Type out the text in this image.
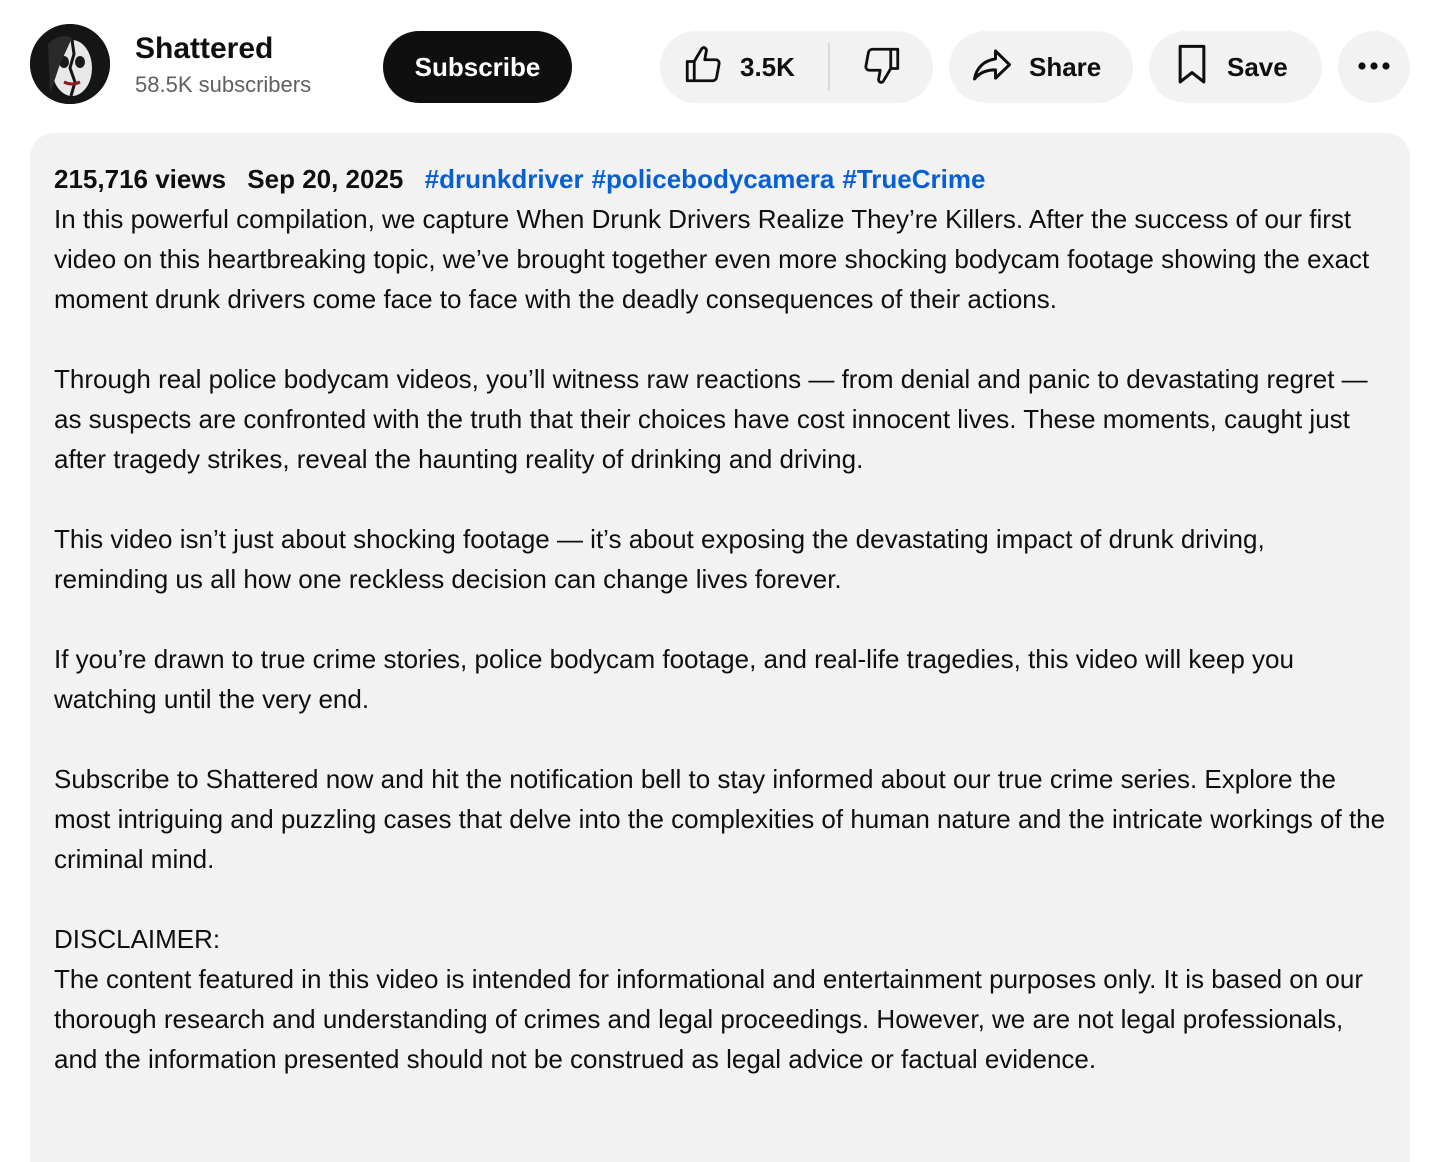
Shattered
58.5K subscribers
Subscribe	3.5K	Share	Save
215,716 views Sep 20, 2025 #drunkdriver #policebodycamera #TrueCrime

In this powerful compilation, we capture When Drunk Drivers Realize They’re Killers. After the success of our first video on this heartbreaking topic, we’ve brought together even more shocking bodycam footage showing the exact moment drunk drivers come face to face with the deadly consequences of their actions.

Through real police bodycam videos, you’ll witness raw reactions — from denial and panic to devastating regret — as suspects are confronted with the truth that their choices have cost innocent lives. These moments, caught just after tragedy strikes, reveal the haunting reality of drinking and driving.

This video isn’t just about shocking footage — it’s about exposing the devastating impact of drunk driving, reminding us all how one reckless decision can change lives forever.

If you’re drawn to true crime stories, police bodycam footage, and real-life tragedies, this video will keep you watching until the very end.

Subscribe to Shattered now and hit the notification bell to stay informed about our true crime series. Explore the most intriguing and puzzling cases that delve into the complexities of human nature and the intricate workings of the criminal mind.

DISCLAIMER:

The content featured in this video is intended for informational and entertainment purposes only. It is based on our thorough research and understanding of crimes and legal proceedings. However, we are not legal professionals, and the information presented should not be construed as legal advice or factual evidence.
